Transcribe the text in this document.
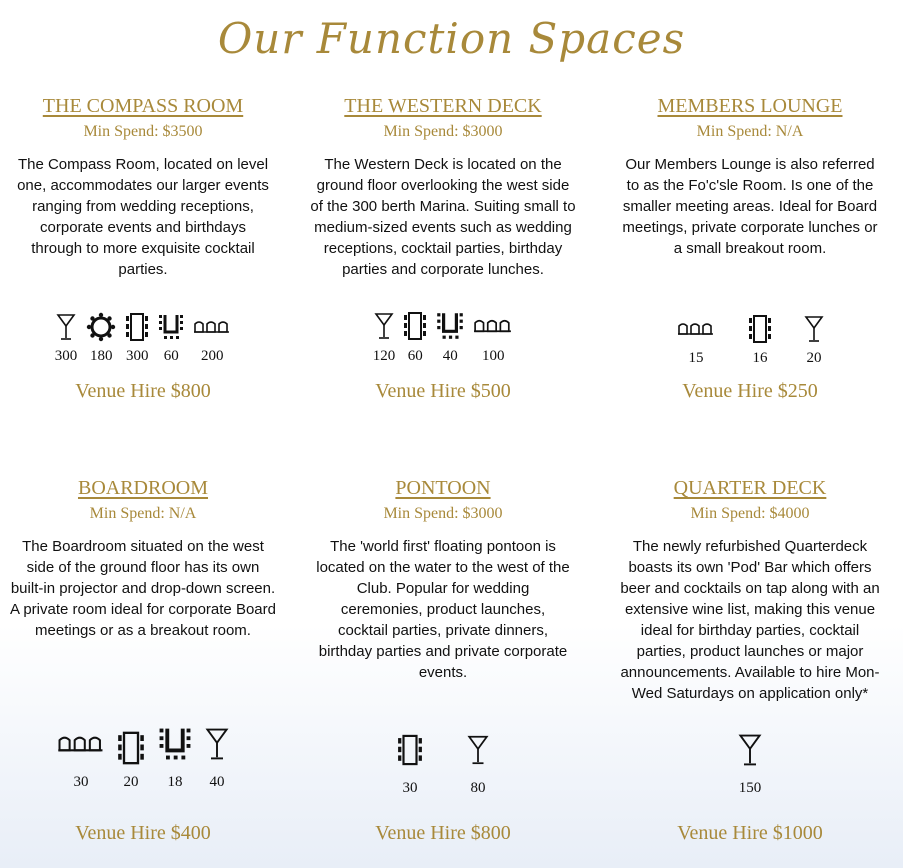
Our Function Spaces
THE COMPASS ROOM
Min Spend: $3500
The Compass Room, located on level one, accommodates our larger events ranging from wedding receptions, corporate events and birthdays through to more exquisite cocktail parties.
300 180 300 60 200
Venue Hire $800
THE WESTERN DECK
Min Spend: $3000
The Western Deck is located on the ground floor overlooking the west side of the 300 berth Marina. Suiting small to medium-sized events such as wedding receptions, cocktail parties, birthday parties and corporate lunches.
120 60 40 100
Venue Hire $500
MEMBERS LOUNGE
Min Spend: N/A
Our Members Lounge is also referred to as the Fo'c'sle Room. Is one of the smaller meeting areas. Ideal for Board meetings, private corporate lunches or a small breakout room.
15	16	20
Venue Hire $250
BOARDROOM
Min Spend: N/A
The Boardroom situated on the west side of the ground floor has its own built-in projector and drop-down screen. A private room ideal for corporate Board meetings or as a breakout room.
30 20 18 40
Venue Hire $400
PONTOON
Min Spend: $3000
The 'world first' floating pontoon is located on the water to the west of the Club. Popular for wedding ceremonies, product launches, cocktail parties, private dinners, birthday parties and private corporate events.
30	80
Venue Hire $800
QUARTER DECK
Min Spend: $4000
The newly refurbished Quarterdeck boasts its own 'Pod' Bar which offers beer and cocktails on tap along with an extensive wine list, making this venue ideal for birthday parties, cocktail parties, product launches or major announcements. Available to hire Mon-Wed Saturdays on application only*
150
Venue Hire $1000
